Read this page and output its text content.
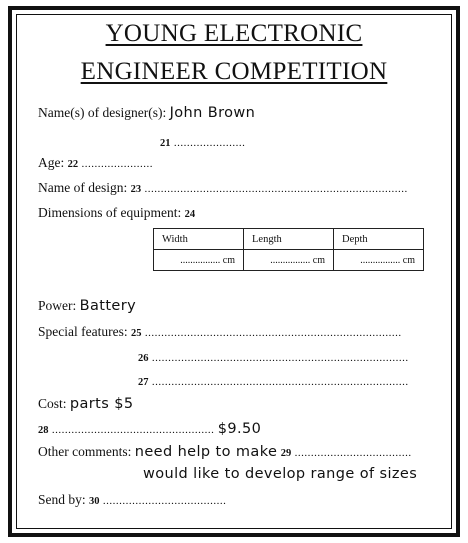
YOUNG ELECTRONIC
ENGINEER COMPETITION
Name(s) of designer(s): John Brown
21 ......................
Age: 22 ......................
Name of design: 23 .................................................................................
Dimensions of equipment: 24
Width	Length	Depth
................ cm	................ cm	................ cm
Power: Battery
Special features: 25 ...............................................................................
26 ...............................................................................
27 ...............................................................................
Cost: parts $5
28 .................................................. $9.50
Other comments: need help to make 29 ....................................
would like to develop range of sizes
Send by: 30 ......................................
